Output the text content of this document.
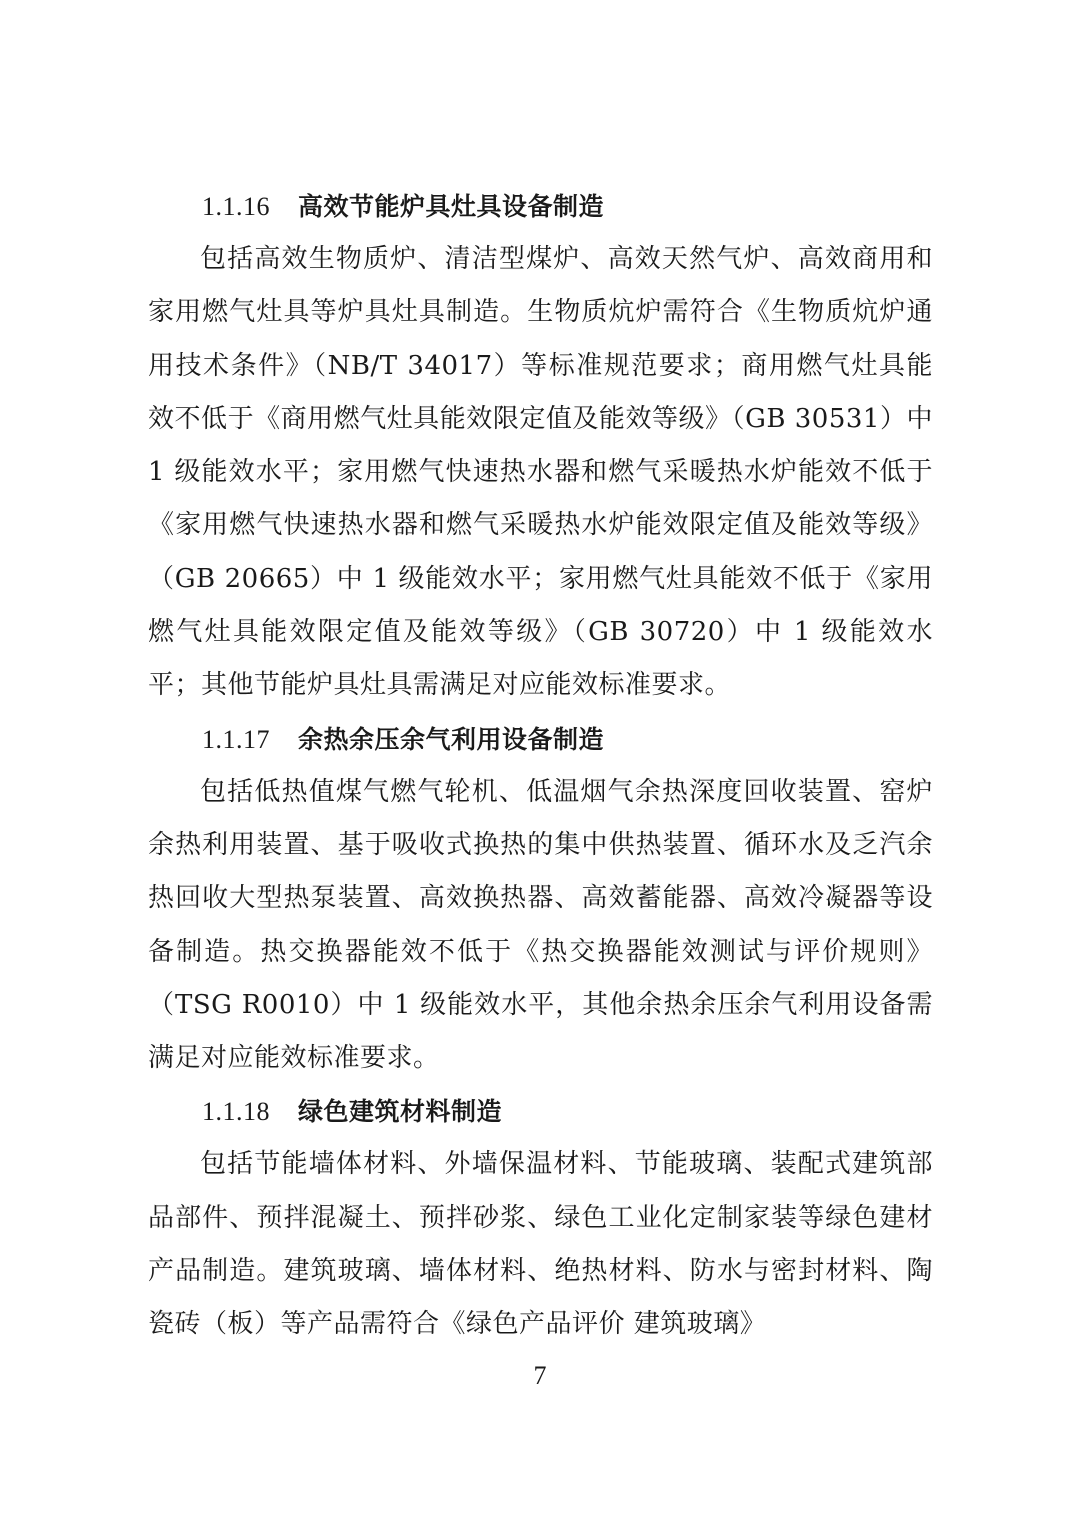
1.1.16 高效节能炉具灶具设备制造

包括高效生物质炉、清洁型煤炉、高效天然气炉、高效商用和家用燃气灶具等炉具灶具制造。生物质炕炉需符合《生物质炕炉通用技术条件》（NB/T 34017）等标准规范要求；商用燃气灶具能效不低于《商用燃气灶具能效限定值及能效等级》（GB 30531）中 1 级能效水平；家用燃气快速热水器和燃气采暖热水炉能效不低于《家用燃气快速热水器和燃气采暖热水炉能效限定值及能效等级》（GB 20665）中 1 级能效水平；家用燃气灶具能效不低于《家用燃气灶具能效限定值及能效等级》（GB 30720）中 1 级能效水平；其他节能炉具灶具需满足对应能效标准要求。

1.1.17 余热余压余气利用设备制造

包括低热值煤气燃气轮机、低温烟气余热深度回收装置、窑炉余热利用装置、基于吸收式换热的集中供热装置、循环水及乏汽余热回收大型热泵装置、高效换热器、高效蓄能器、高效冷凝器等设备制造。热交换器能效不低于《热交换器能效测试与评价规则》（TSG R0010）中 1 级能效水平，其他余热余压余气利用设备需满足对应能效标准要求。

1.1.18 绿色建筑材料制造

包括节能墙体材料、外墙保温材料、节能玻璃、装配式建筑部品部件、预拌混凝土、预拌砂浆、绿色工业化定制家装等绿色建材产品制造。建筑玻璃、墙体材料、绝热材料、防水与密封材料、陶瓷砖（板）等产品需符合《绿色产品评价 建筑玻璃》

7
